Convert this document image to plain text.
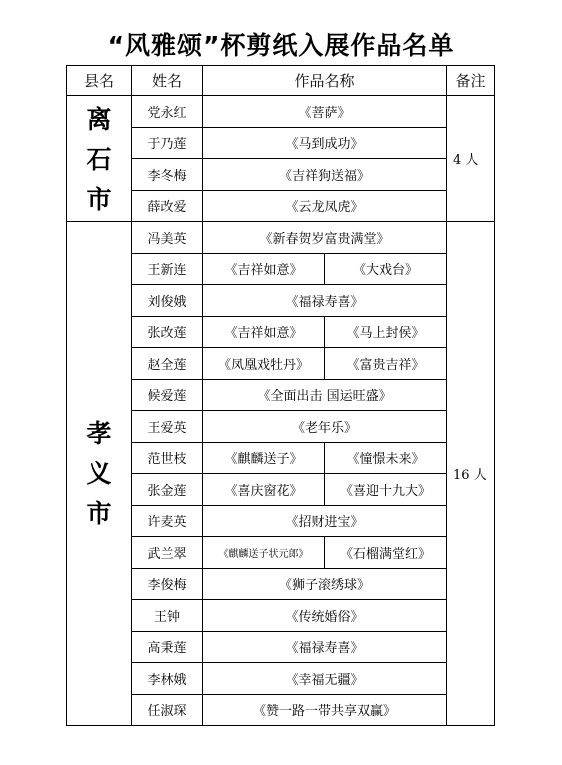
“风雅颂”杯剪纸入展作品名单
县名	姓名	作品名称		备注

离
石
市	党永红	《菩萨》		4 人
	于乃莲	《马到成功》		
	李冬梅	《吉祥狗送福》		
	薛改爱	《云龙凤虎》		

孝
义
市	冯美英	《新春贺岁富贵满堂》		16 人
	王新连	《吉祥如意》	《大戏台》	
	刘俊娥	《福禄寿喜》		
	张改莲	《吉祥如意》	《马上封侯》	
	赵全莲	《凤凰戏牡丹》	《富贵吉祥》	
	候爱莲	《全面出击 国运旺盛》		
	王爱英	《老年乐》		
	范世枝	《麒麟送子》	《憧憬未来》	
	张金莲	《喜庆窗花》	《喜迎十九大》	
	许麦英	《招财进宝》		
	武兰翠	《麒麟送子状元郎》	《石榴满堂红》	
	李俊梅	《狮子滚绣球》		
	王钟	《传统婚俗》		
	高秉莲	《福禄寿喜》		
	李林娥	《幸福无疆》		
	任淑琛	《赞一路一带共享双赢》		
